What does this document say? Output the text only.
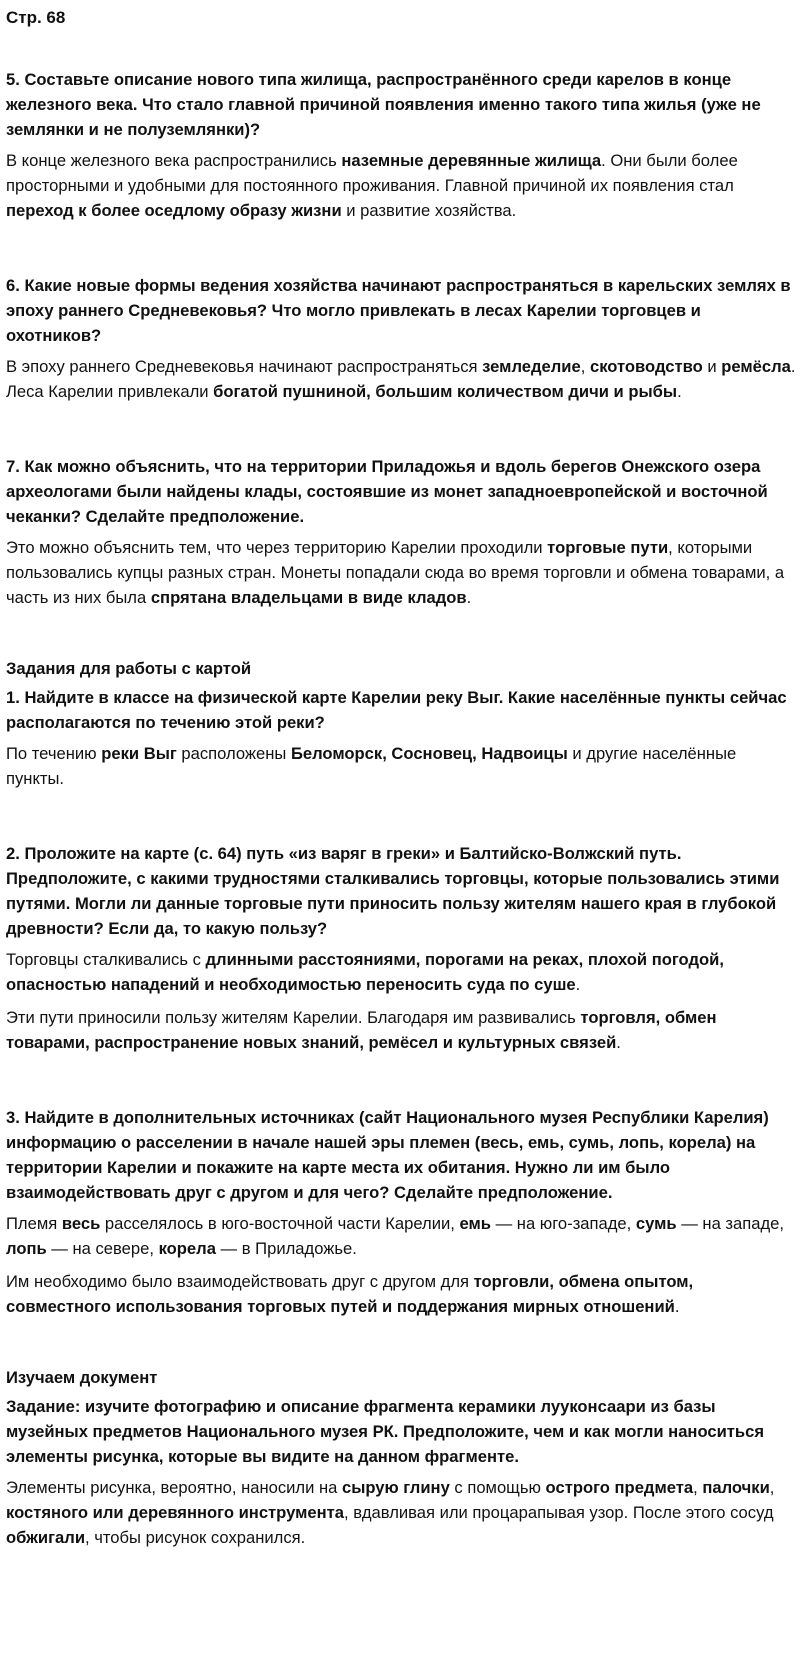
Стр. 68

5. Составьте описание нового типа жилища, распространённого среди карелов в конце железного века. Что стало главной причиной появления именно такого типа жилья (уже не землянки и не полуземлянки)?

В конце железного века распространились наземные деревянные жилища. Они были более просторными и удобными для постоянного проживания. Главной причиной их появления стал переход к более оседлому образу жизни и развитие хозяйства.

6. Какие новые формы ведения хозяйства начинают распространяться в карельских землях в эпоху раннего Средневековья? Что могло привлекать в лесах Карелии торговцев и охотников?

В эпоху раннего Средневековья начинают распространяться земледелие, скотоводство и ремёсла. Леса Карелии привлекали богатой пушниной, большим количеством дичи и рыбы.

7. Как можно объяснить, что на территории Приладожья и вдоль берегов Онежского озера археологами были найдены клады, состоявшие из монет западноевропейской и восточной чеканки? Сделайте предположение.

Это можно объяснить тем, что через территорию Карелии проходили торговые пути, которыми пользовались купцы разных стран. Монеты попадали сюда во время торговли и обмена товарами, а часть из них была спрятана владельцами в виде кладов.

Задания для работы с картой

1. Найдите в классе на физической карте Карелии реку Выг. Какие населённые пункты сейчас располагаются по течению этой реки?

По течению реки Выг расположены Беломорск, Сосновец, Надвоицы и другие населённые пункты.

2. Проложите на карте (с. 64) путь «из варяг в греки» и Балтийско-Волжский путь. Предположите, с какими трудностями сталкивались торговцы, которые пользовались этими путями. Могли ли данные торговые пути приносить пользу жителям нашего края в глубокой древности? Если да, то какую пользу?

Торговцы сталкивались с длинными расстояниями, порогами на реках, плохой погодой, опасностью нападений и необходимостью переносить суда по суше.

Эти пути приносили пользу жителям Карелии. Благодаря им развивались торговля, обмен товарами, распространение новых знаний, ремёсел и культурных связей.

3. Найдите в дополнительных источниках (сайт Национального музея Республики Карелия) информацию о расселении в начале нашей эры племен (весь, емь, сумь, лопь, корела) на территории Карелии и покажите на карте места их обитания. Нужно ли им было взаимодействовать друг с другом и для чего? Сделайте предположение.

Племя весь расселялось в юго-восточной части Карелии, емь — на юго-западе, сумь — на западе, лопь — на севере, корела — в Приладожье.

Им необходимо было взаимодействовать друг с другом для торговли, обмена опытом, совместного использования торговых путей и поддержания мирных отношений.

Изучаем документ

Задание: изучите фотографию и описание фрагмента керамики лууконсаари из базы музейных предметов Национального музея РК. Предположите, чем и как могли наноситься элементы рисунка, которые вы видите на данном фрагменте.

Элементы рисунка, вероятно, наносили на сырую глину с помощью острого предмета, палочки, костяного или деревянного инструмента, вдавливая или процарапывая узор. После этого сосуд обжигали, чтобы рисунок сохранился.
